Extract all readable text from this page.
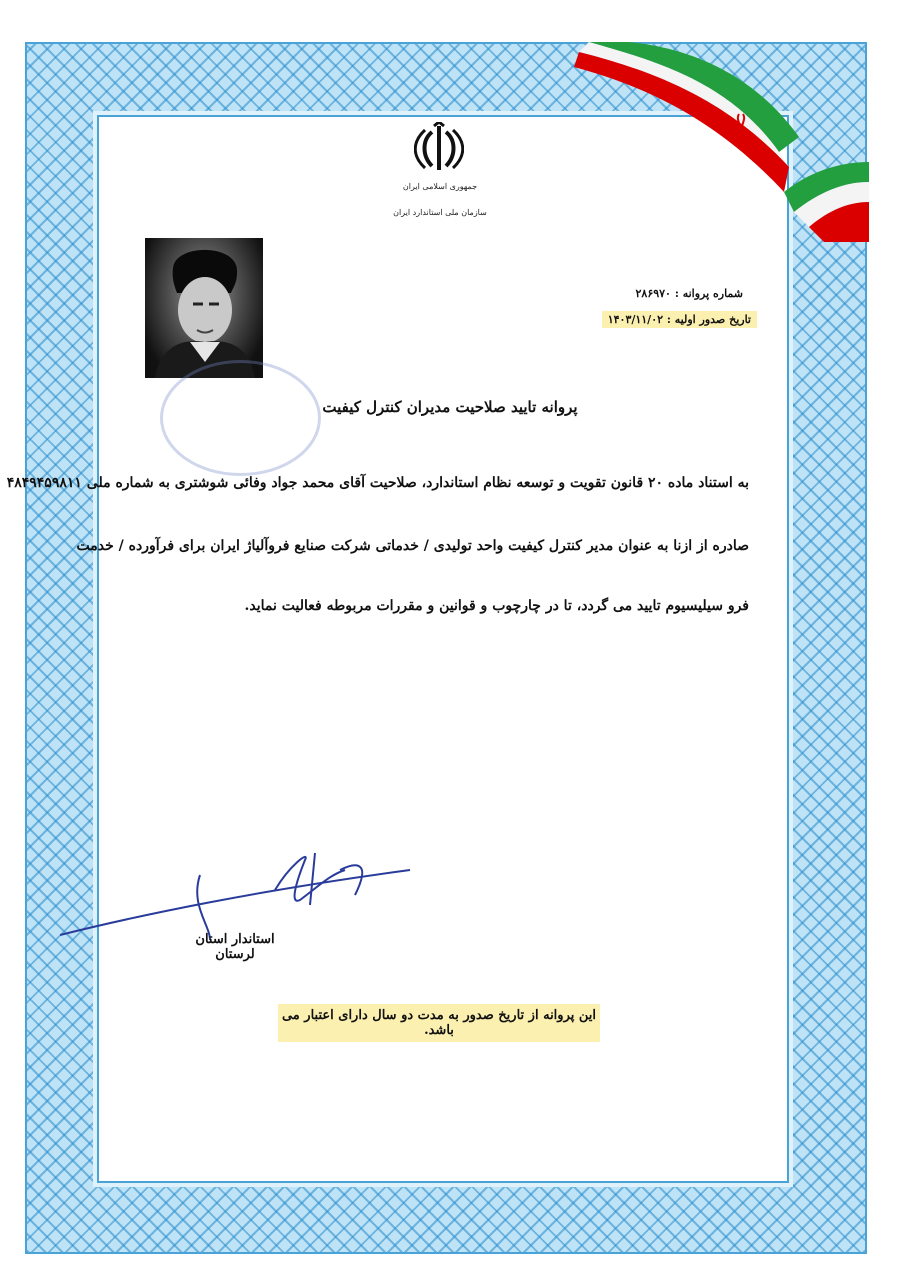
جمهوری اسلامی ایران
سازمان ملی استاندارد ایران
شماره پروانه : ۲۸۶۹۷۰
تاریخ صدور اولیه : ۱۴۰۳/۱۱/۰۲
پروانه تایید صلاحیت مدیران کنترل کیفیت
به استناد ماده ۲۰ قانون تقویت و توسعه نظام استاندارد، صلاحیت آقای محمد جواد وفائی شوشتری به شماره ملی ۴۸۴۹۴۵۹۸۱۱
صادره از ازنا به عنوان مدیر کنترل کیفیت واحد تولیدی / خدماتی شرکت صنایع فروآلیاژ ایران برای فرآورده / خدمت
فرو سیلیسیوم تایید می گردد، تا در چارچوب و قوانین و مقررات مربوطه فعالیت نماید.
استاندار استان لرستان
این پروانه از تاریخ صدور به مدت دو سال دارای اعتبار می باشد.
